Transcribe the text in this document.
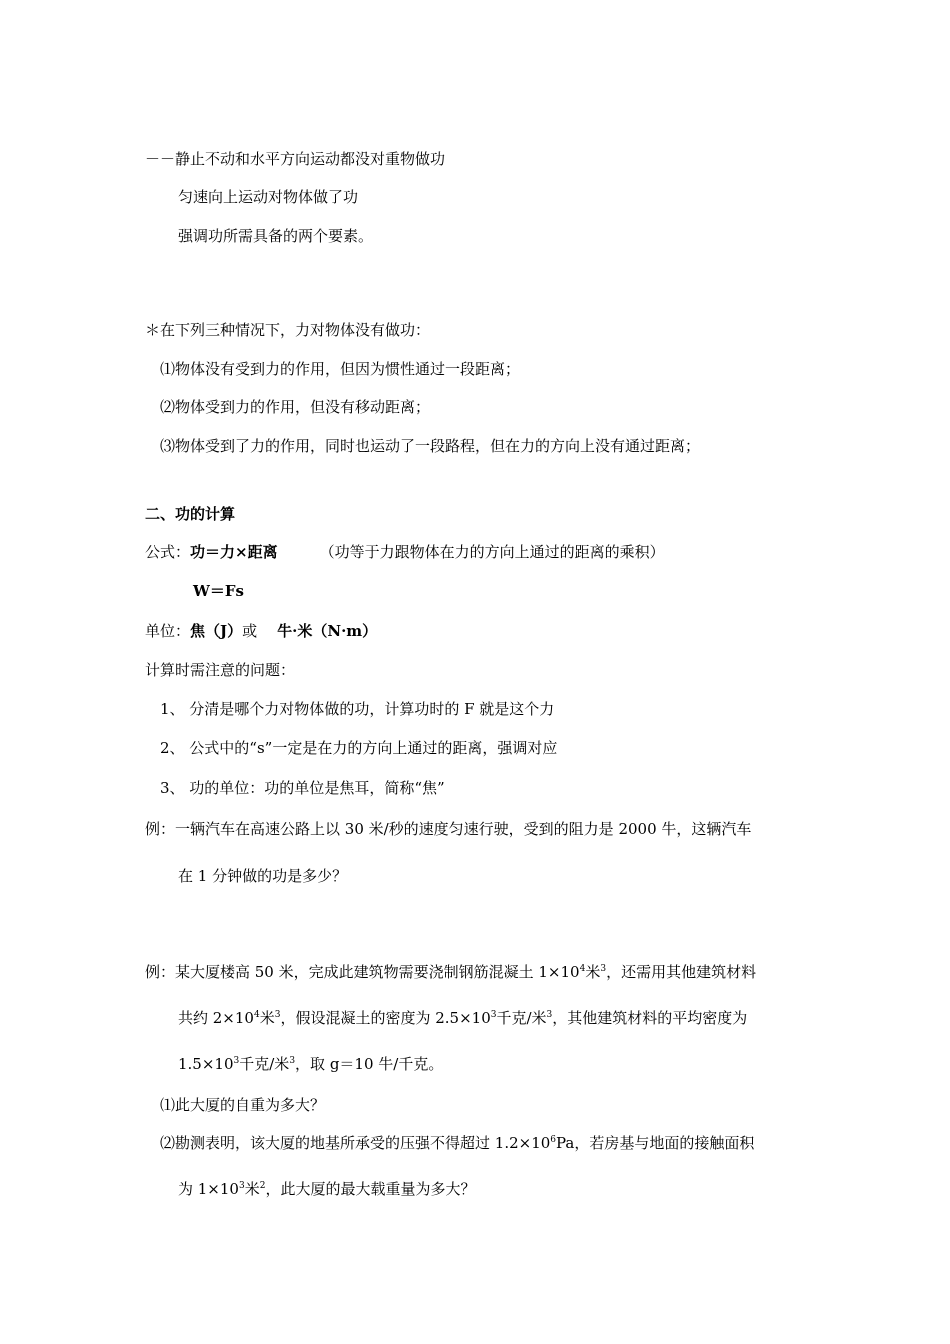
－－静止不动和水平方向运动都没对重物做功
匀速向上运动对物体做了功
强调功所需具备的两个要素。
＊在下列三种情况下，力对物体没有做功：
⑴物体没有受到力的作用，但因为惯性通过一段距离；
⑵物体受到力的作用，但没有移动距离；
⑶物体受到了力的作用，同时也运动了一段路程，但在力的方向上没有通过距离；
二、功的计算
公式：功＝力×距离	（功等于力跟物体在力的方向上通过的距离的乘积）
W＝Fs
单位：焦（J）或 牛·米（N·m）
计算时需注意的问题：
1、 分清是哪个力对物体做的功，计算功时的 F 就是这个力
2、 公式中的“s”一定是在力的方向上通过的距离，强调对应
3、 功的单位：功的单位是焦耳，简称“焦”
例：一辆汽车在高速公路上以 30 米/秒的速度匀速行驶，受到的阻力是 2000 牛，这辆汽车
在 1 分钟做的功是多少？
例：某大厦楼高 50 米，完成此建筑物需要浇制钢筋混凝土 $1\times 10^4$米$^3$，还需用其他建筑材料
共约 $2\times 10^4$米$^3$，假设混凝土的密度为 $2.5\times 10^3$千克/米$^3$，其他建筑材料的平均密度为
$1.5\times 10^3$千克/米$^3$，取 g＝10 牛/千克。
⑴此大厦的自重为多大？
⑵勘测表明，该大厦的地基所承受的压强不得超过 $1.2\times 10^6Pa$，若房基与地面的接触面积
为 $1\times 10^3$米$^2$，此大厦的最大载重量为多大？
